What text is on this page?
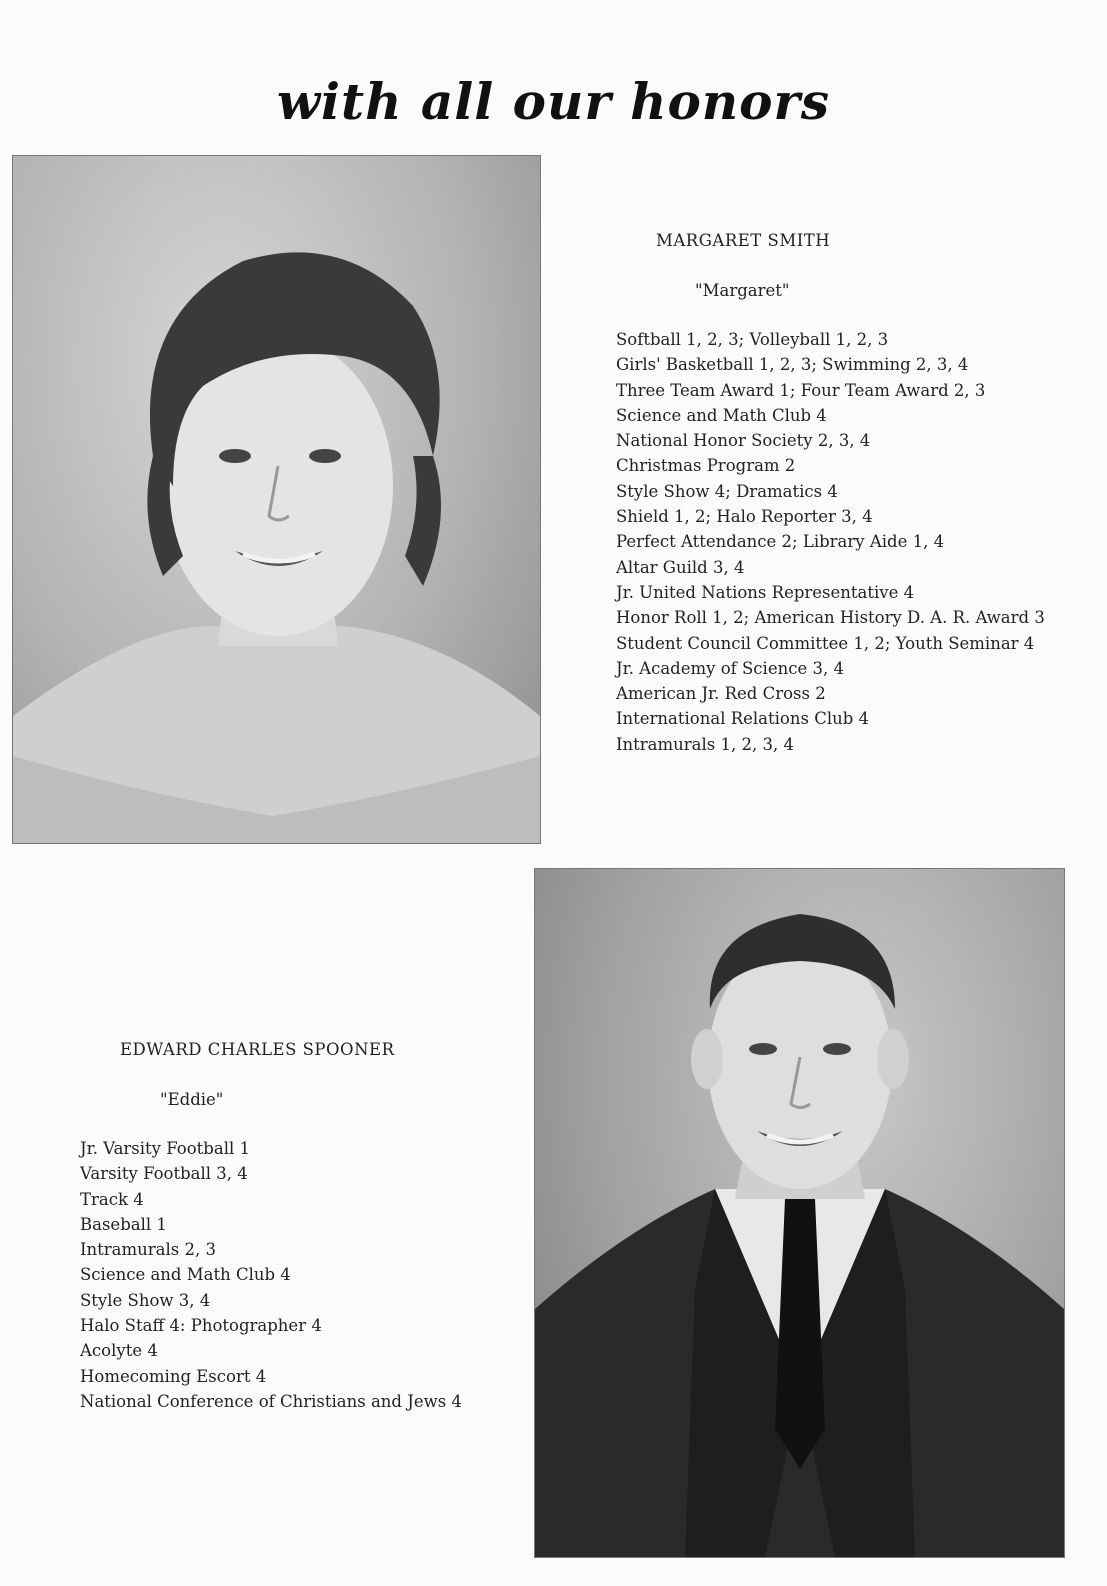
with all our honors
MARGARET SMITH
"Margaret"
Softball 1, 2, 3; Volleyball 1, 2, 3
Girls' Basketball 1, 2, 3; Swimming 2, 3, 4
Three Team Award 1; Four Team Award 2, 3
Science and Math Club 4
National Honor Society 2, 3, 4
Christmas Program 2
Style Show 4; Dramatics 4
Shield 1, 2; Halo Reporter 3, 4
Perfect Attendance 2; Library Aide 1, 4
Altar Guild 3, 4
Jr. United Nations Representative 4
Honor Roll 1, 2; American History D. A. R. Award 3
Student Council Committee 1, 2; Youth Seminar 4
Jr. Academy of Science 3, 4
American Jr. Red Cross 2
International Relations Club 4
Intramurals 1, 2, 3, 4
EDWARD CHARLES SPOONER
"Eddie"
Jr. Varsity Football 1
Varsity Football 3, 4
Track 4
Baseball 1
Intramurals 2, 3
Science and Math Club 4
Style Show 3, 4
Halo Staff 4: Photographer 4
Acolyte 4
Homecoming Escort 4
National Conference of Christians and Jews 4
